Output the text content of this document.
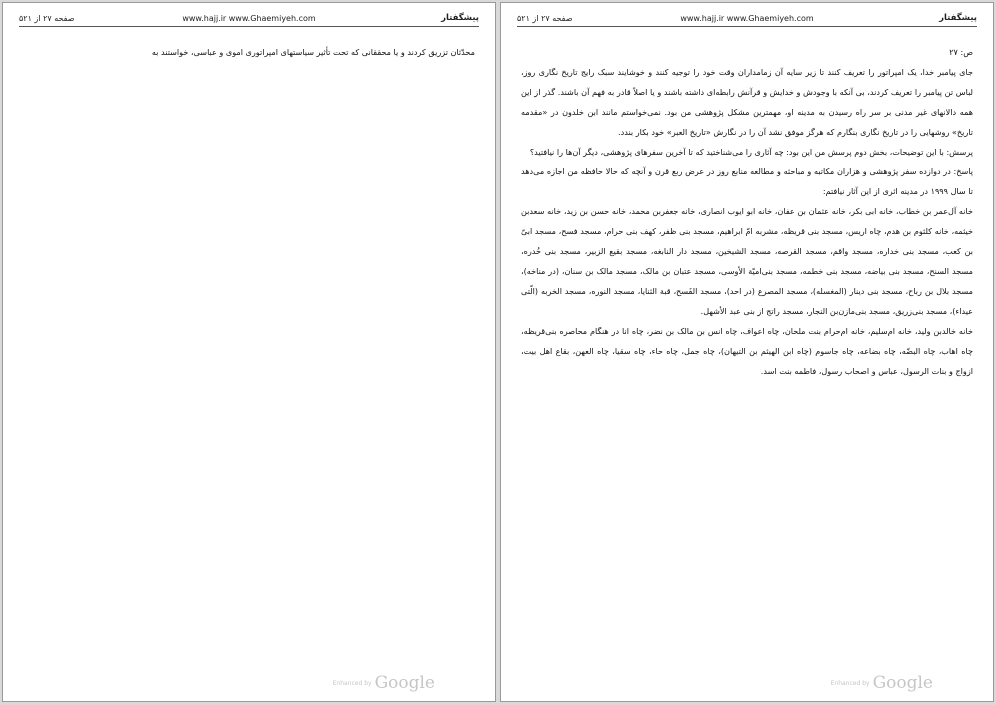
صفحه ۲۷ از ۵۲۱	www.hajj.ir www.Ghaemiyeh.com	پیشگفتار

محدّثان تزریق کردند و یا محققانی که تحت تأثیر سیاستهای امپراتوری اموی و عباسی، خواستند به

Enhanced by Google
صفحه ۲۷ از ۵۲۱	www.hajj.ir www.Ghaemiyeh.com	پیشگفتار

ص: ۲۷

جای پیامبر خدا، یک امپراتور را تعریف کنند تا زیر سایه آن زمامداران وقت خود را توجیه کنند و خوشایند سبک رایج تاریخ نگاری روز، لباس تن پیامبر را تعریف کردند، بی آنکه با وجودش و خدایش و قرآنش رابطه‌ای داشته باشند و یا اصلاً قادر به فهم آن باشند. گذر از این همه دالانهای غیر مدنی بر سر راه رسیدن به مدینه او، مهمترین مشکل پژوهشی من بود. نمی‌خواستم مانند ابن خلدون در «مقدمه تاریخ» روشهایی را در تاریخ نگاری بنگارم که هرگز موفق نشد آن را در نگارش «تاریخ العبر» خود بکار بندد.

پرسش: با این توضیحات، بخش دوم پرسش من این بود: چه آثاری را می‌شناختید که تا آخرین سفرهای پژوهشی، دیگر آن‌ها را نیافتید؟

پاسخ: در دوازده سفر پژوهشی و هزاران مکاتبه و مباحثه و مطالعه منابع روز در عرض ربع قرن و آنچه که حالا حافظه من اجازه می‌دهد تا سال ۱۹۹۹ در مدینه اثری از این آثار نیافتم:

خانه آل‌عمر بن خطاب، خانه ابی بکر، خانه عثمان بن عفان، خانه ابو ایوب انصاری، خانه جعفربن محمد، خانه حسن بن زید، خانه سعدبن خیثمه، خانه کلثوم بن هدم، چاه اریس، مسجد بنی قریظه، مشربه امّ ابراهیم، مسجد بنی ظفر، کهف بنی حرام، مسجد فسح، مسجد ابیّ بن کعب، مسجد بنی خداره، مسجد واقم، مسجد القرصه، مسجد الشیخین، مسجد دار النابغه، مسجد بقیع الزبیر، مسجد بنی خُدره، مسجد السنح، مسجد بنی بیاضه، مسجد بنی خطمه، مسجد بنی‌امیّة الأوسی، مسجد عتبان بن مالک، مسجد مالک بن سنان، (در مناخه)، مسجد بلال بن رباح، مسجد بنی دینار (المغسله)، مسجد المصرع (در احد)، مسجد الفَسح، قبة الثنایا، مسجد النوره، مسجد الخربه (الّتی عیداء)، مسجد بنی‌زریق، مسجد بنی‌مازن‌بن النجار، مسجد راتج از بنی عبد الأشهل.

خانه خالدبن ولید، خانه ام‌سلیم، خانه ام‌حرام بنت ملحان، چاه اعواف، چاه انس بن مالک بن نضر، چاه انا در هنگام محاصره بنی‌قریظه، چاه اهاب، چاه البضّه، چاه بضاعه، چاه جاسوم (چاه ابن الهیثم بن التیهان)، چاه جمل، چاه حاء، چاه سقیا، چاه العهن، بقاع اهل بیت، ازواج و بنات الرسول، عباس و اصحاب رسول، فاطمه بنت اسد.

Enhanced by Google
